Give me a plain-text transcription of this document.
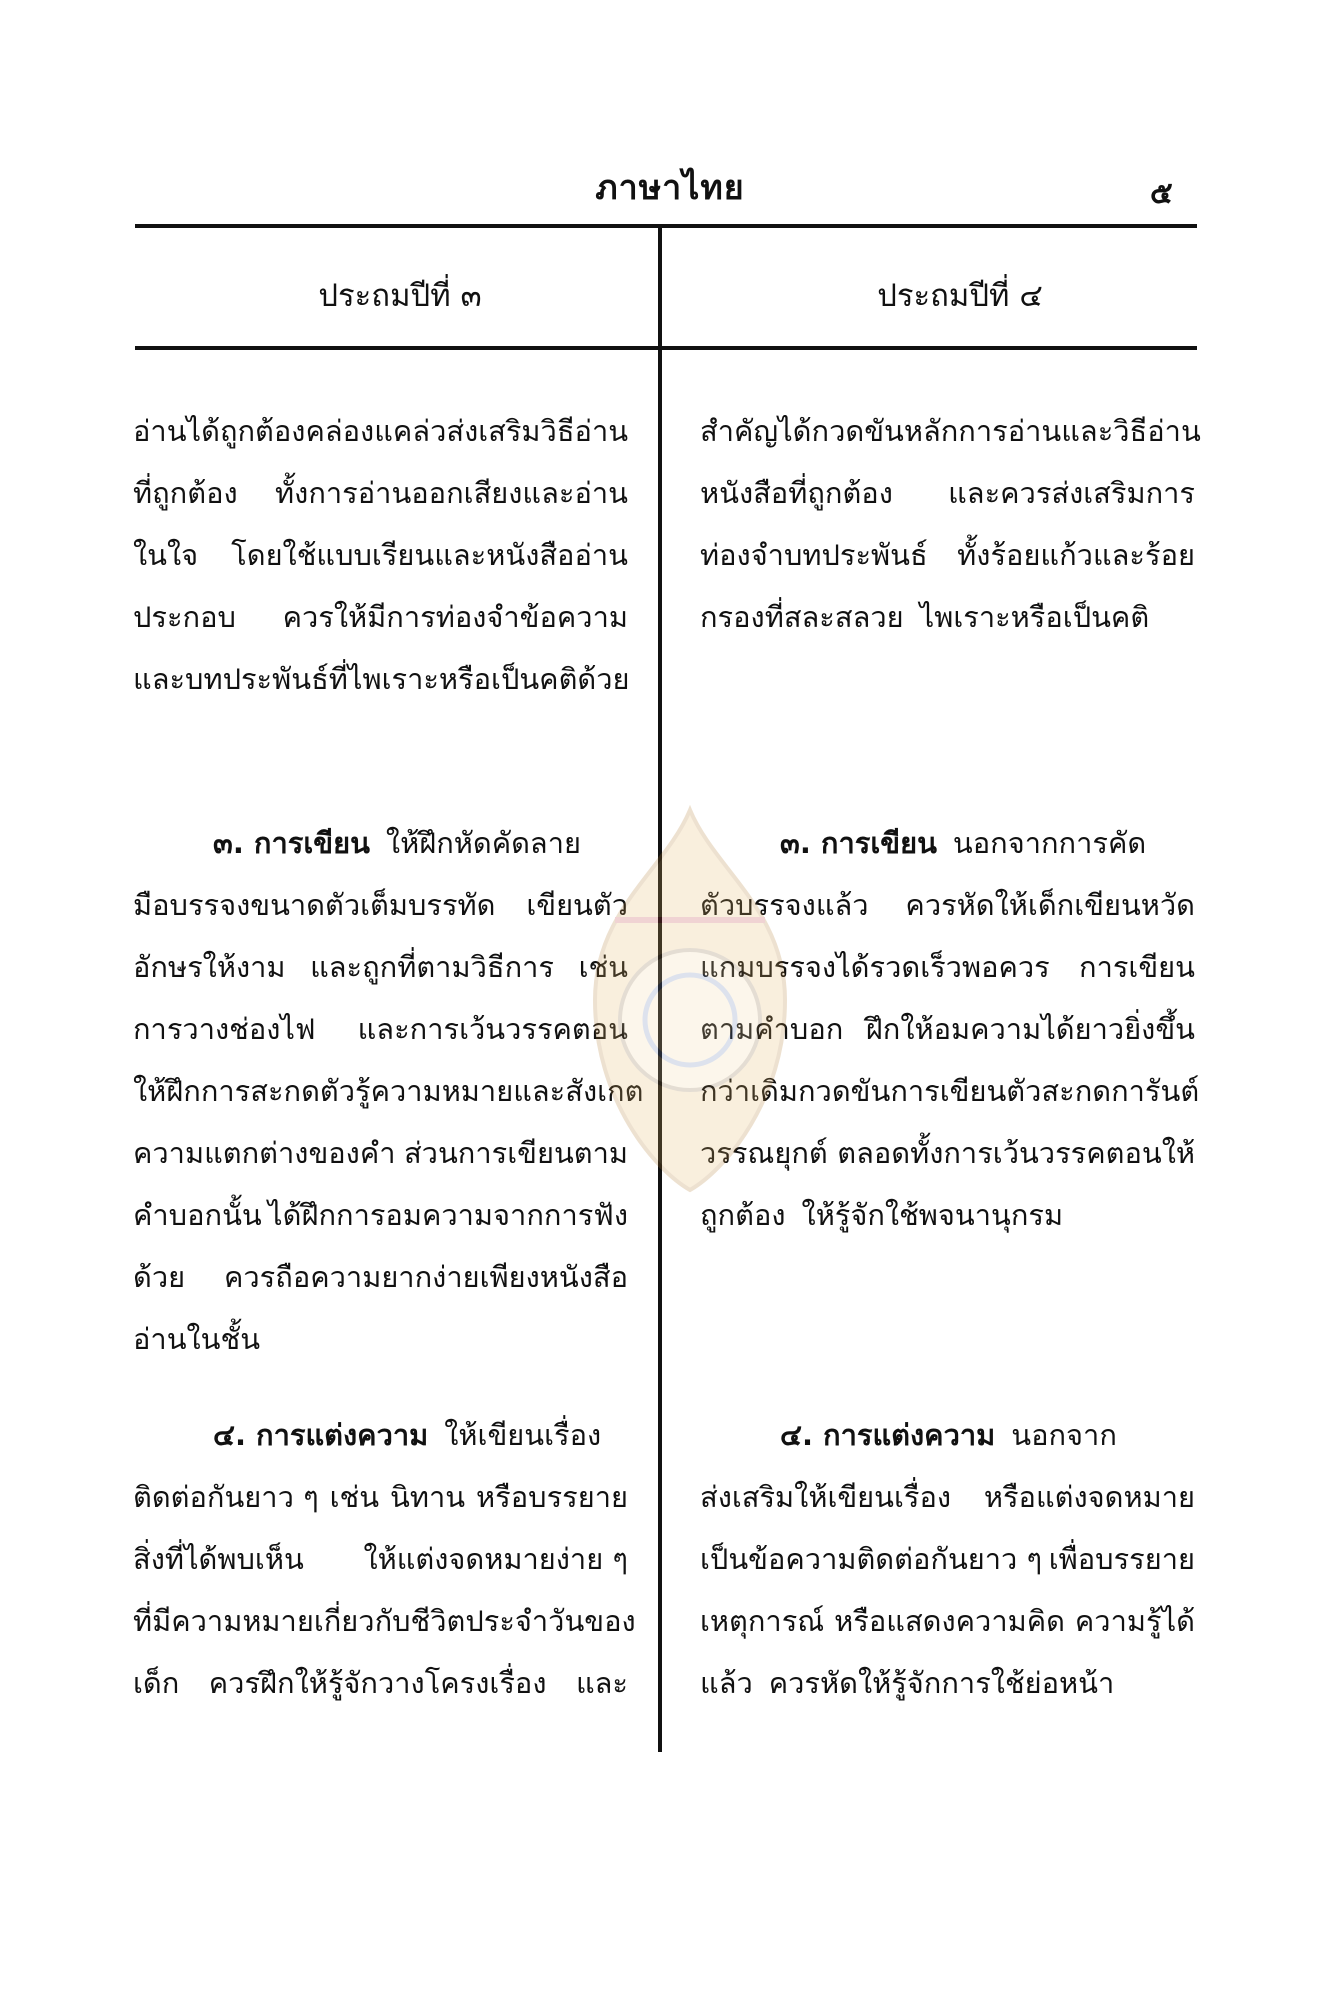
ภาษาไทย	๕
ประถมปีที่ ๓	ประถมปีที่ ๔
อ่านได้ถูกต้องคล่องแคล่ว ส่งเสริมวิธีอ่าน
ที่ถูกต้อง ทั้งการอ่านออกเสียงและอ่าน
ในใจ โดยใช้แบบเรียนและหนังสืออ่าน
ประกอบ ควรให้มีการท่องจำข้อความ
และบทประพันธ์ที่ไพเราะหรือเป็นคติด้วย
๓. การเขียน ให้ฝึกหัดคัดลาย
มือบรรจงขนาดตัวเต็มบรรทัด เขียนตัว
อักษรให้งาม และถูกที่ตามวิธีการ เช่น
การวางช่องไฟ และการเว้นวรรคตอน
ให้ฝึกการสะกดตัว รู้ความหมาย และสังเกต
ความแตกต่างของคำ ส่วนการเขียนตาม
คำบอกนั้น ได้ฝึกการอมความจากการฟัง
ด้วย ควรถือความยากง่ายเพียงหนังสือ
อ่านในชั้น
๔. การแต่งความ ให้เขียนเรื่อง
ติดต่อกันยาว ๆ เช่น นิทาน หรือบรรยาย
สิ่งที่ได้พบเห็น ให้แต่งจดหมายง่าย ๆ
ที่มีความหมายเกี่ยวกับชีวิตประจำวันของ
เด็ก ควรฝึกให้รู้จักวางโครงเรื่อง และ
สำคัญได้ กวดขันหลักการอ่านและวิธีอ่าน
หนังสือที่ถูกต้อง และควรส่งเสริมการ
ท่องจำบทประพันธ์ ทั้งร้อยแก้วและร้อย
กรองที่สละสลวย ไพเราะหรือเป็นคติ
๓. การเขียน นอกจากการคัด
ตัวบรรจงแล้ว ควรหัดให้เด็กเขียนหวัด
แกมบรรจงได้รวดเร็วพอควร การเขียน
ตามคำบอก ฝึกให้อมความได้ยาวยิ่งขึ้น
กว่าเดิม กวดขันการเขียนตัวสะกดการันต์
วรรณยุกต์ ตลอดทั้งการเว้นวรรคตอนให้
ถูกต้อง ให้รู้จักใช้พจนานุกรม
๔. การแต่งความ นอกจาก
ส่งเสริมให้เขียนเรื่อง หรือแต่งจดหมาย
เป็นข้อความติดต่อกันยาว ๆ เพื่อบรรยาย
เหตุการณ์ หรือแสดงความคิด ความรู้ได้
แล้ว ควรหัดให้รู้จักการใช้ย่อหน้า
